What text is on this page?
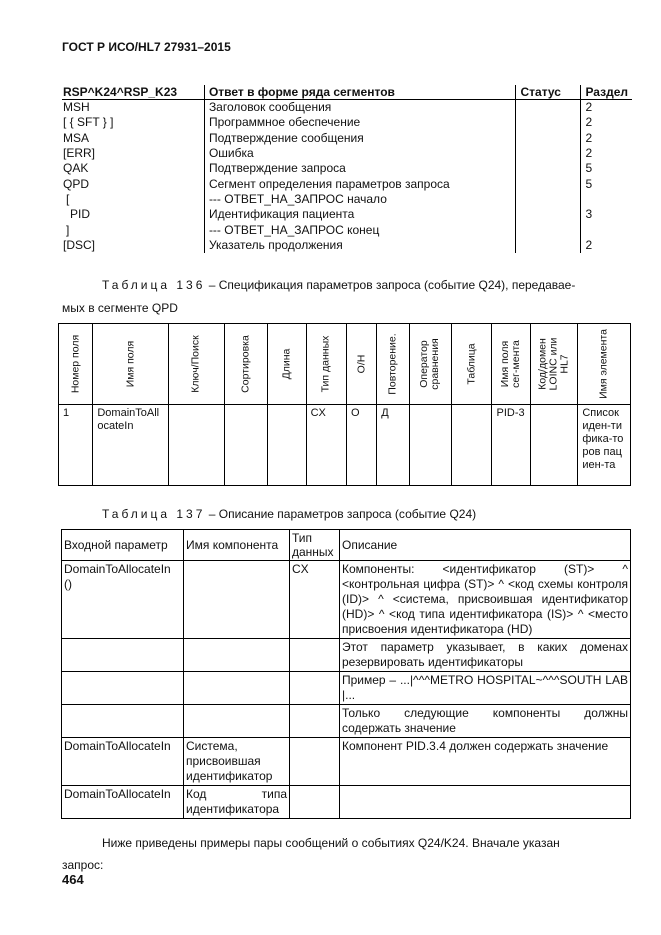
ГОСТ Р ИСО/HL7 27931–2015
RSP^K24^RSP_K23	Ответ в форме ряда сегментов	Статус	Раздел
MSH	Заголовок сообщения		2
[ { SFT } ]	Программное обеспечение		2
MSA	Подтверждение сообщения		2
[ERR]	Ошибка		2
QAK	Подтверждение запроса		5
QPD	Сегмент определения параметров запроса		5
[	--- ОТВЕТ_НА_ЗАПРОС начало		
PID	Идентификация пациента		3
]	--- ОТВЕТ_НА_ЗАПРОС конец		
[DSC]	Указатель продолжения		2
Таблица 136 – Спецификация параметров запроса (событие Q24), передавае-
мых в сегменте QPD
Номер поля	Имя поля	Ключ/Поиск	Сортировка	Длина	Тип данных	О/Н	Повторение.	Оператор сравнения	Таблица	Имя поля сег-мента	Код/домен LOINC или HL7	Имя элемента

1	DomainToAllocateIn				CX	O	Д			PID-3		Список иден-тифика-торов пациен-та
Таблица 137 – Описание параметров запроса (событие Q24)
Входной параметр	Имя компонента	Тип данных	Описание
DomainToAllocateIn ()		CX	Компоненты: <идентификатор (ST)> ^ <контрольная цифра (ST)> ^ <код схемы контроля (ID)> ^ <система, присвоившая идентификатор (HD)> ^ <код типа идентификатора (IS)> ^ <место присвоения идентификатора (HD)
			Этот параметр указывает, в каких доменах резервировать идентификаторы
			Пример – ...|^^^METRO HOSPITAL~^^^SOUTH LAB|...
			Только следующие компоненты должны содержать значение
DomainToAllocateIn	Система, присвоившая идентификатор		Компонент PID.3.4 должен содержать значение
DomainToAllocateIn	Код типа идентификатора		
Ниже приведены примеры пары сообщений о событиях Q24/K24. Вначале указан
запрос:
464
